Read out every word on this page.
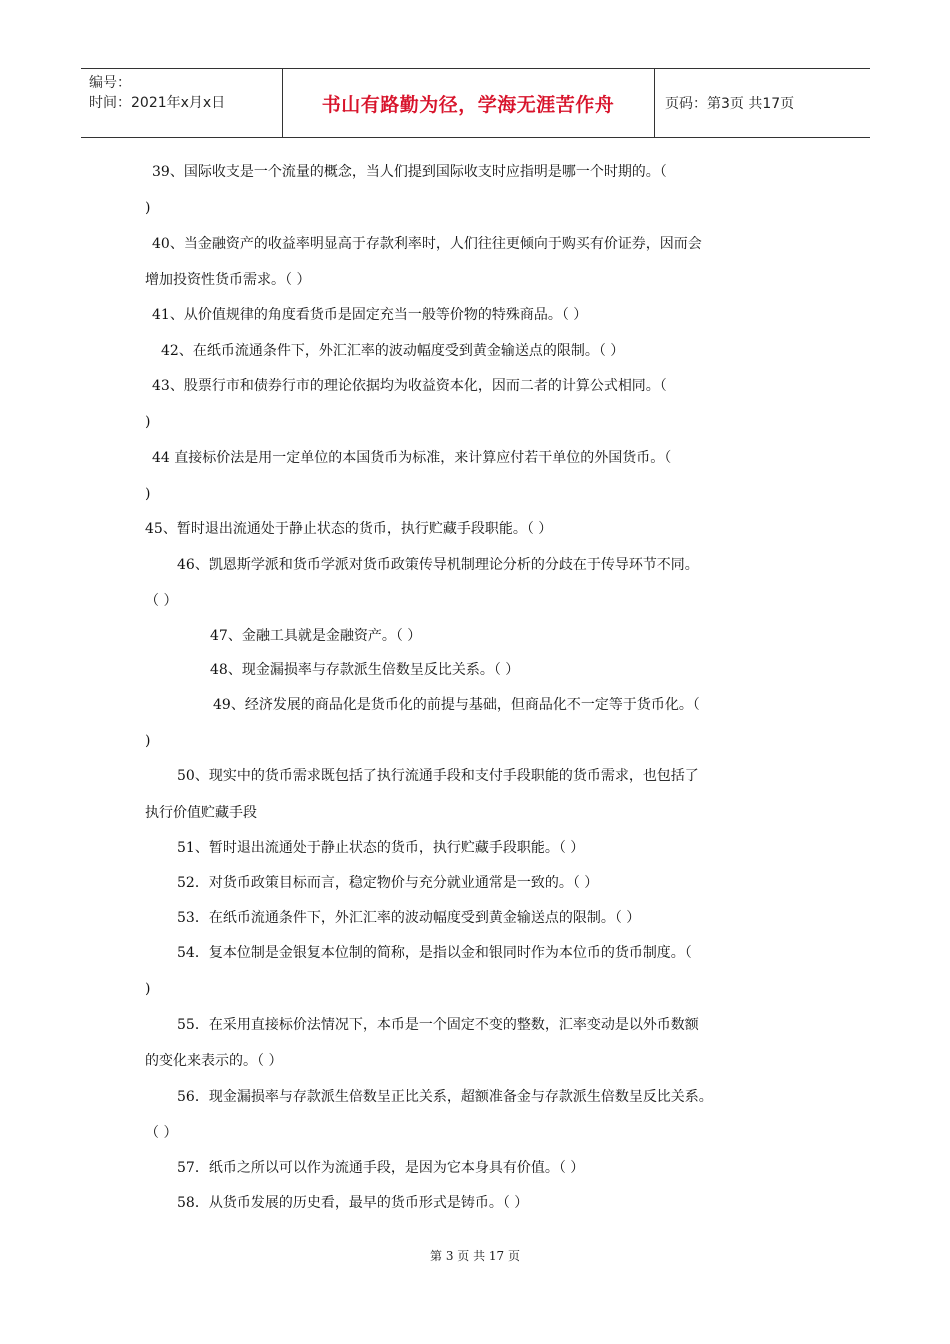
编号：
时间：2021年x月x日	书山有路勤为径，学海无涯苦作舟	页码：第3页 共17页
39、国际收支是一个流量的概念，当人们提到国际收支时应指明是哪一个时期的。（
)
40、当金融资产的收益率明显高于存款利率时，人们往往更倾向于购买有价证券，因而会
增加投资性货币需求。（ ）
41、从价值规律的角度看货币是固定充当一般等价物的特殊商品。（ ）
42、在纸币流通条件下，外汇汇率的波动幅度受到黄金输送点的限制。（ ）
43、股票行市和债券行市的理论依据均为收益资本化，因而二者的计算公式相同。（
)
44 直接标价法是用一定单位的本国货币为标准，来计算应付若干单位的外国货币。（
)
45、暂时退出流通处于静止状态的货币，执行贮藏手段职能。（ ）
46、凯恩斯学派和货币学派对货币政策传导机制理论分析的分歧在于传导环节不同。
（ ）
47、金融工具就是金融资产。（ ）
48、现金漏损率与存款派生倍数呈反比关系。（ ）
49、经济发展的商品化是货币化的前提与基础，但商品化不一定等于货币化。（
)
50、现实中的货币需求既包括了执行流通手段和支付手段职能的货币需求，也包括了
执行价值贮藏手段
51、暂时退出流通处于静止状态的货币，执行贮藏手段职能。（ ）
52．对货币政策目标而言，稳定物价与充分就业通常是一致的。（ ）
53．在纸币流通条件下，外汇汇率的波动幅度受到黄金输送点的限制。（ ）
54．复本位制是金银复本位制的简称，是指以金和银同时作为本位币的货币制度。（
)
55．在采用直接标价法情况下，本币是一个固定不变的整数，汇率变动是以外币数额
的变化来表示的。（ ）
56．现金漏损率与存款派生倍数呈正比关系，超额准备金与存款派生倍数呈反比关系。
（ ）
57．纸币之所以可以作为流通手段，是因为它本身具有价值。（ ）
58．从货币发展的历史看，最早的货币形式是铸币。（ ）
第 3 页 共 17 页
